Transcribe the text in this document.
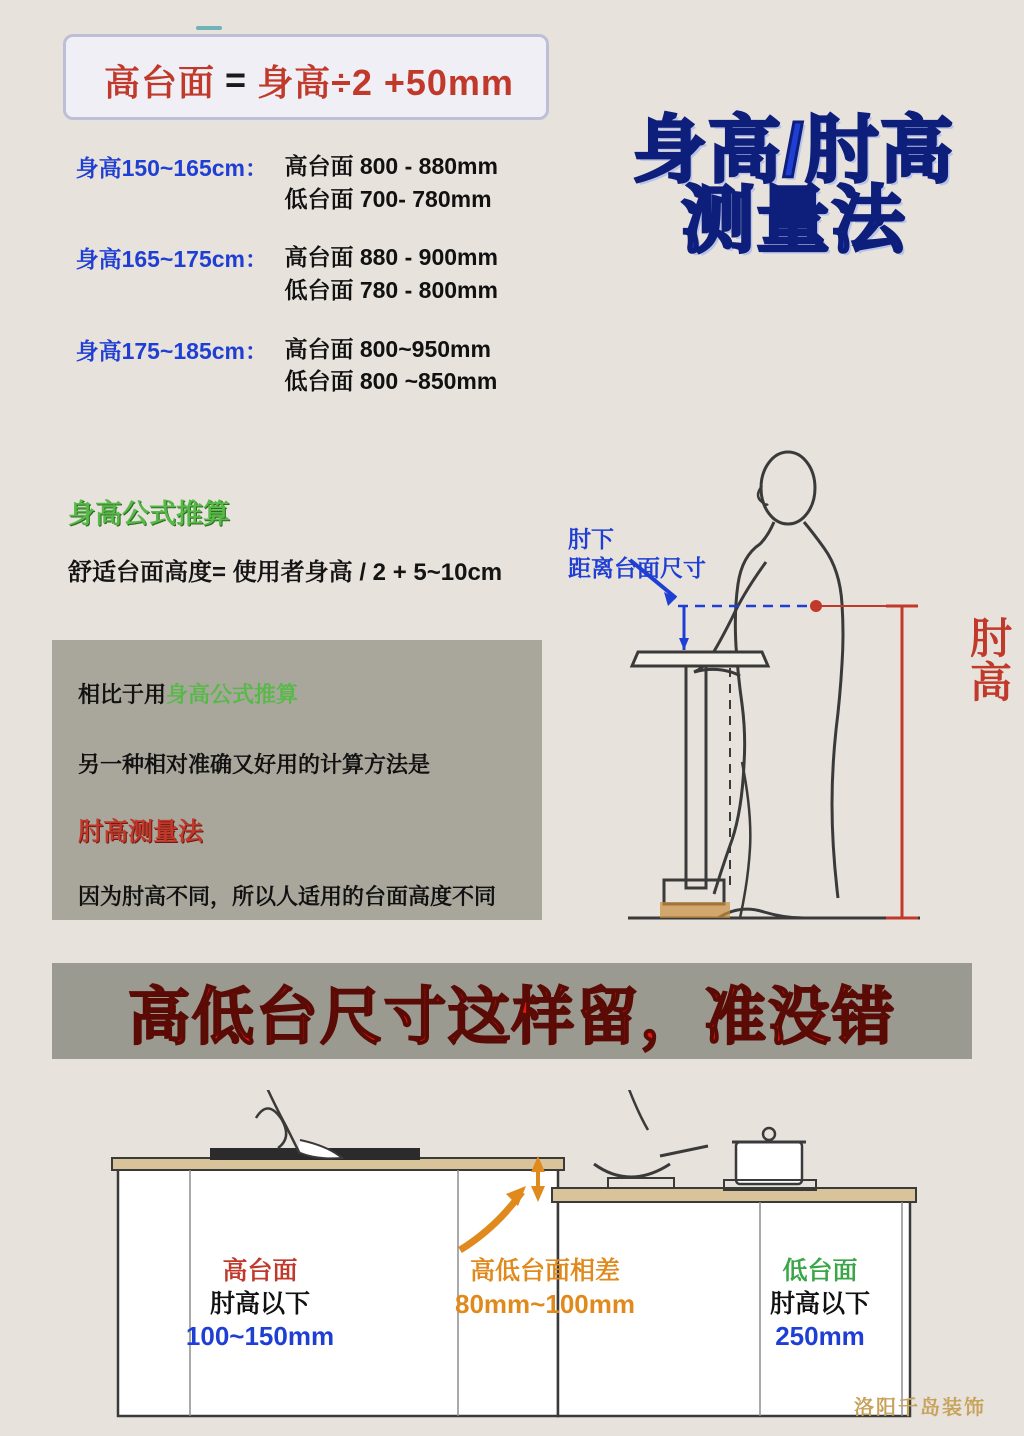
高台面 = 身高÷2 +50mm
身高/肘高
测量法
身高150~165cm： 高台面 800 - 880mm
低台面 700- 780mm
身高165~175cm： 高台面 880 - 900mm
低台面 780 - 800mm
身高175~185cm： 高台面 800~950mm
低台面 800 ~850mm
身高公式推算
舒适台面高度= 使用者身高 / 2 + 5~10cm
相比于用身高公式推算
另一种相对准确又好用的计算方法是
肘高测量法
因为肘高不同，所以人适用的台面高度不同
肘下
距离台面尺寸
肘
高
高低台尺寸这样留，准没错
高台面
肘高以下
100~150mm
高低台面相差
80mm~100mm
低台面
肘高以下
250mm
洛阳千岛装饰
